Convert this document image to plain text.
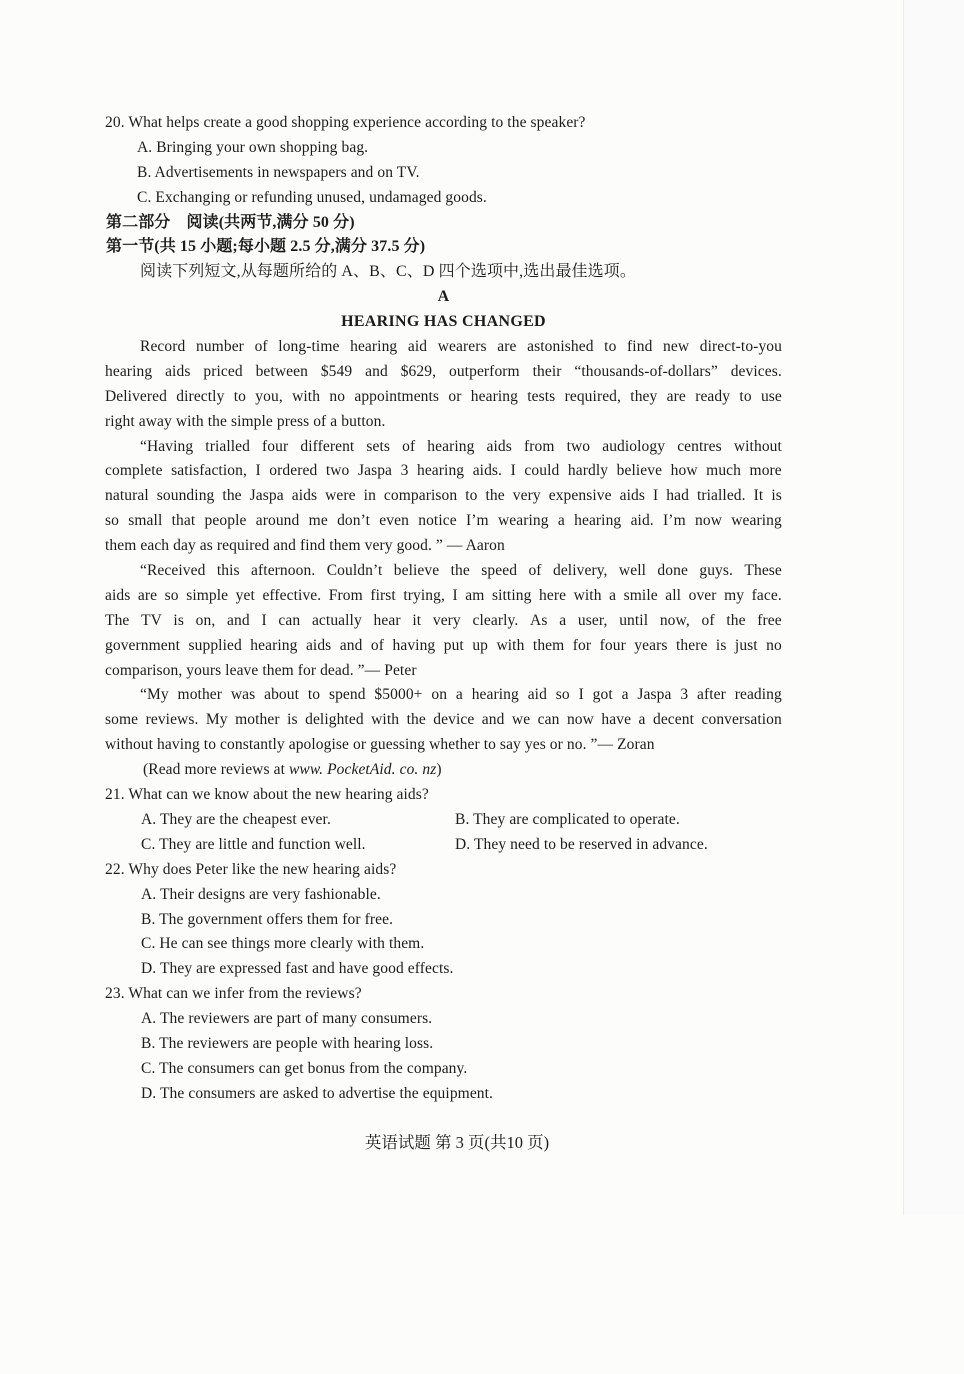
20. What helps create a good shopping experience according to the speaker?
A. Bringing your own shopping bag.
B. Advertisements in newspapers and on TV.
C. Exchanging or refunding unused, undamaged goods.
第二部分　阅读(共两节,满分 50 分)
第一节(共 15 小题;每小题 2.5 分,满分 37.5 分)
阅读下列短文,从每题所给的 A、B、C、D 四个选项中,选出最佳选项。
A
HEARING HAS CHANGED
Record number of long-time hearing aid wearers are astonished to find new direct-to-you
hearing aids priced between $549 and $629, outperform their “thousands-of-dollars” devices.
Delivered directly to you, with no appointments or hearing tests required, they are ready to use
right away with the simple press of a button.
“Having trialled four different sets of hearing aids from two audiology centres without
complete satisfaction, I ordered two Jaspa 3 hearing aids. I could hardly believe how much more
natural sounding the Jaspa aids were in comparison to the very expensive aids I had trialled. It is
so small that people around me don’t even notice I’m wearing a hearing aid. I’m now wearing
them each day as required and find them very good. ” — Aaron
“Received this afternoon. Couldn’t believe the speed of delivery, well done guys. These
aids are so simple yet effective. From first trying, I am sitting here with a smile all over my face.
The TV is on, and I can actually hear it very clearly. As a user, until now, of the free
government supplied hearing aids and of having put up with them for four years there is just no
comparison, yours leave them for dead. ”— Peter
“My mother was about to spend $5000+ on a hearing aid so I got a Jaspa 3 after reading
some reviews. My mother is delighted with the device and we can now have a decent conversation
without having to constantly apologise or guessing whether to say yes or no. ”— Zoran
(Read more reviews at www. PocketAid. co. nz)
21. What can we know about the new hearing aids?
A. They are the cheapest ever.	B. They are complicated to operate.
C. They are little and function well.	D. They need to be reserved in advance.
22. Why does Peter like the new hearing aids?
A. Their designs are very fashionable.
B. The government offers them for free.
C. He can see things more clearly with them.
D. They are expressed fast and have good effects.
23. What can we infer from the reviews?
A. The reviewers are part of many consumers.
B. The reviewers are people with hearing loss.
C. The consumers can get bonus from the company.
D. The consumers are asked to advertise the equipment.
英语试题 第 3 页(共10 页)
